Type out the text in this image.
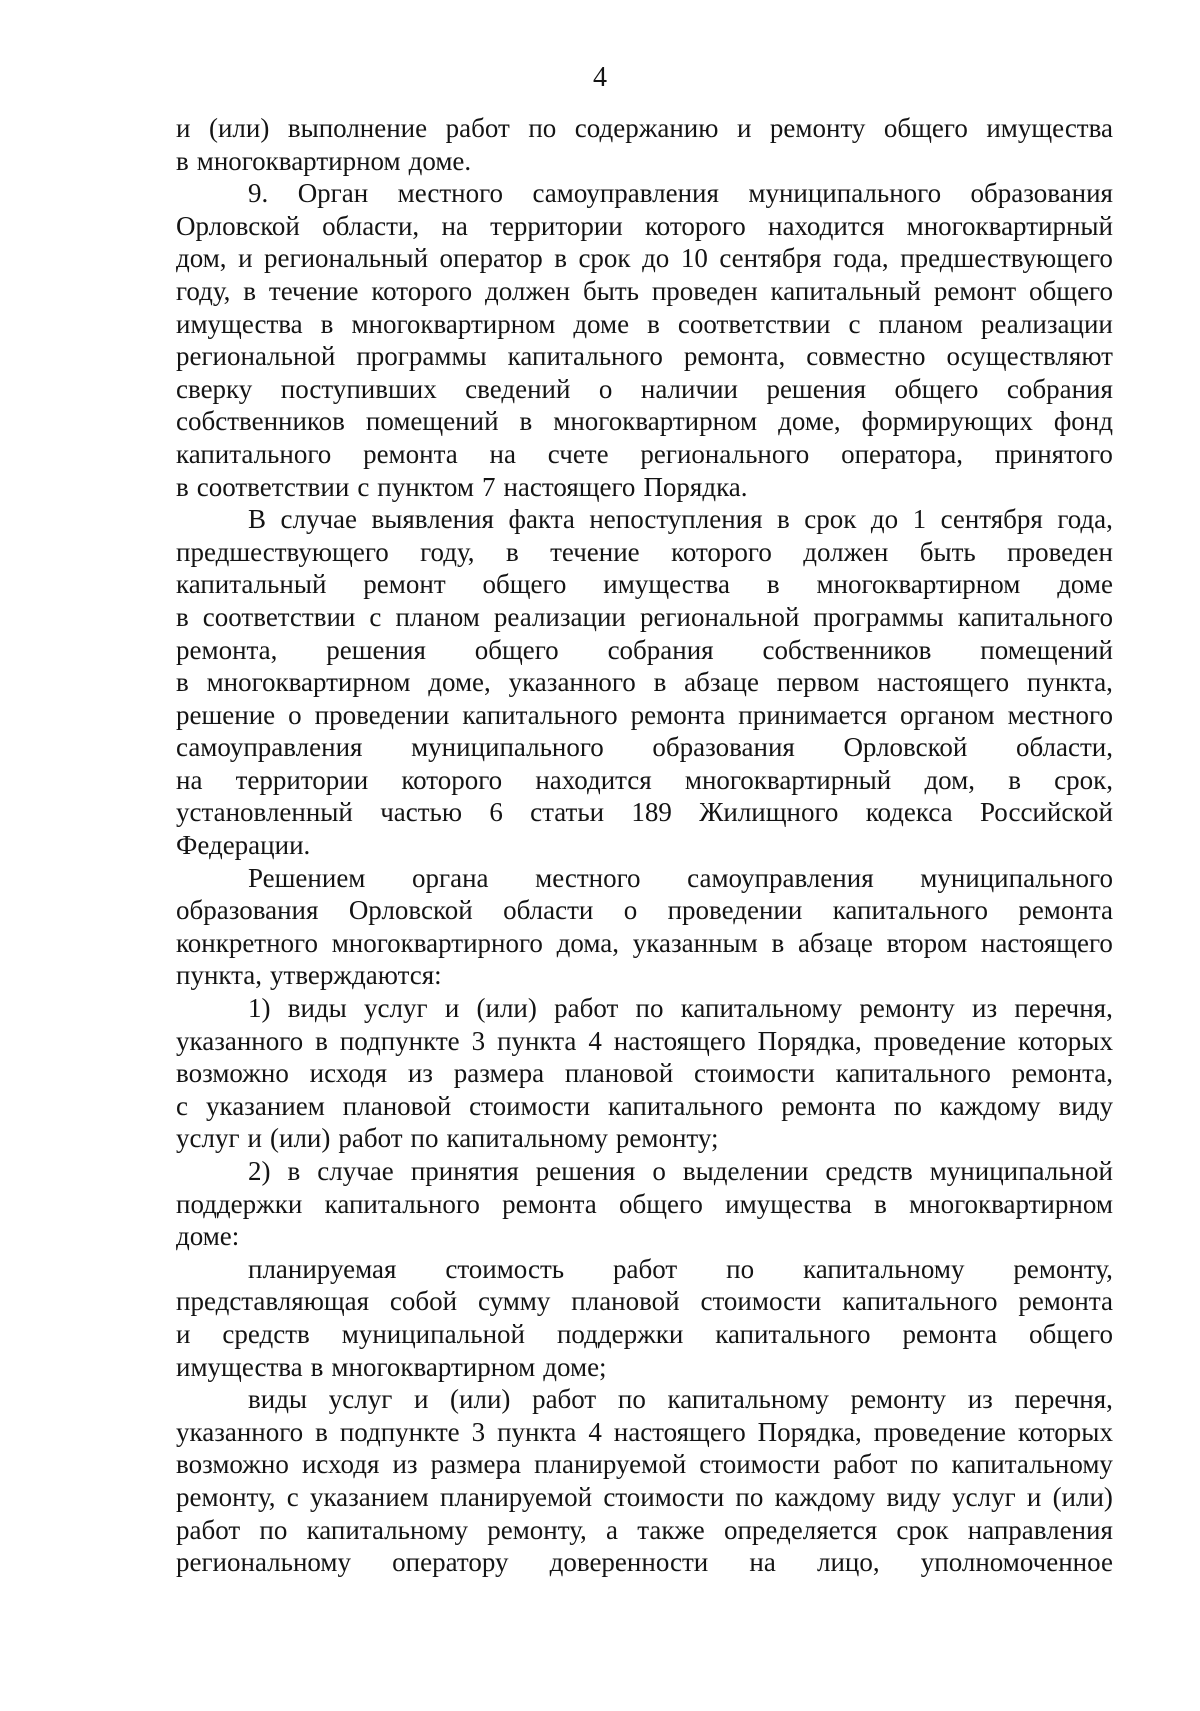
4
и (или) выполнение работ по содержанию и ремонту общего имущества
в многоквартирном доме.
9. Орган местного самоуправления муниципального образования
Орловской области, на территории которого находится многоквартирный
дом, и региональный оператор в срок до 10 сентября года, предшествующего
году, в течение которого должен быть проведен капитальный ремонт общего
имущества в многоквартирном доме в соответствии с планом реализации
региональной программы капитального ремонта, совместно осуществляют
сверку поступивших сведений о наличии решения общего собрания
собственников помещений в многоквартирном доме, формирующих фонд
капитального ремонта на счете регионального оператора, принятого
в соответствии с пунктом 7 настоящего Порядка.
В случае выявления факта непоступления в срок до 1 сентября года,
предшествующего году, в течение которого должен быть проведен
капитальный ремонт общего имущества в многоквартирном доме
в соответствии с планом реализации региональной программы капитального
ремонта, решения общего собрания собственников помещений
в многоквартирном доме, указанного в абзаце первом настоящего пункта,
решение о проведении капитального ремонта принимается органом местного
самоуправления муниципального образования Орловской области,
на территории которого находится многоквартирный дом, в срок,
установленный частью 6 статьи 189 Жилищного кодекса Российской
Федерации.
Решением органа местного самоуправления муниципального
образования Орловской области о проведении капитального ремонта
конкретного многоквартирного дома, указанным в абзаце втором настоящего
пункта, утверждаются:
1) виды услуг и (или) работ по капитальному ремонту из перечня,
указанного в подпункте 3 пункта 4 настоящего Порядка, проведение которых
возможно исходя из размера плановой стоимости капитального ремонта,
с указанием плановой стоимости капитального ремонта по каждому виду
услуг и (или) работ по капитальному ремонту;
2) в случае принятия решения о выделении средств муниципальной
поддержки капитального ремонта общего имущества в многоквартирном
доме:
планируемая стоимость работ по капитальному ремонту,
представляющая собой сумму плановой стоимости капитального ремонта
и средств муниципальной поддержки капитального ремонта общего
имущества в многоквартирном доме;
виды услуг и (или) работ по капитальному ремонту из перечня,
указанного в подпункте 3 пункта 4 настоящего Порядка, проведение которых
возможно исходя из размера планируемой стоимости работ по капитальному
ремонту, с указанием планируемой стоимости по каждому виду услуг и (или)
работ по капитальному ремонту, а также определяется срок направления
региональному оператору доверенности на лицо, уполномоченное
